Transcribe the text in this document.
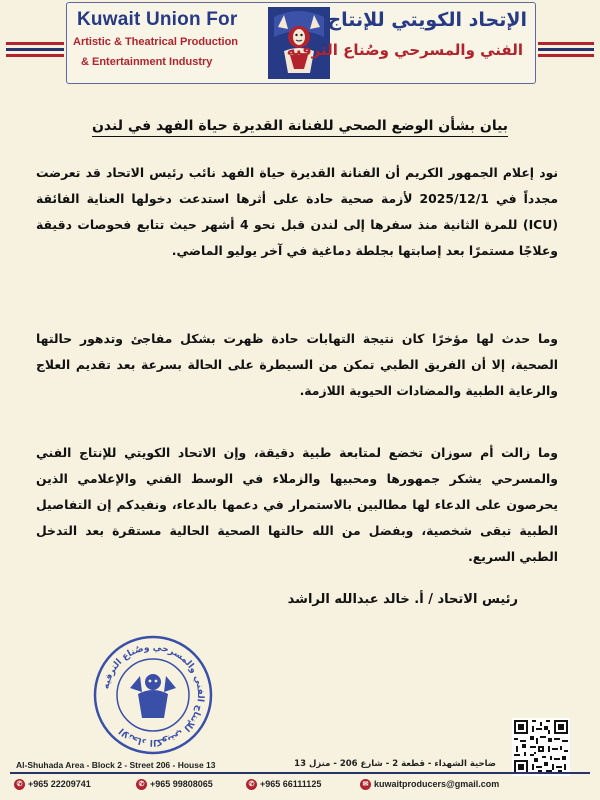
Kuwait Union For
Artistic & Theatrical Production
& Entertainment Industry
الإتحاد الكويتي للإنتاج
الفني والمسرحي وصُناع الترفيه
بيان بشأن الوضع الصحي للفنانة القديرة حياة الفهد في لندن
نود إعلام الجمهور الكريم أن الفنانة القديرة حياة الفهد نائب رئيس الاتحاد قد تعرضت مجدداً في 2025/12/1 لأزمة صحية حادة على أثرها استدعت دخولها العناية الفائقة (ICU) للمرة الثانية منذ سفرها إلى لندن قبل نحو 4 أشهر حيث تتابع فحوصات دقيقة وعلاجًا مستمرًا بعد إصابتها بجلطة دماغية في آخر يوليو الماضي.
وما حدث لها مؤخرًا كان نتيجة التهابات حادة ظهرت بشكل مفاجئ وتدهور حالتها الصحية، إلا أن الفريق الطبي تمكن من السيطرة على الحالة بسرعة بعد تقديم العلاج والرعاية الطبية والمضادات الحيوية اللازمة.
وما زالت أم سوزان تخضع لمتابعة طبية دقيقة، وإن الاتحاد الكويتي للإنتاج الفني والمسرحي يشكر جمهورها ومحبيها والزملاء في الوسط الفني والإعلامي الذين يحرصون على الدعاء لها مطالبين بالاستمرار في دعمها بالدعاء، ونفيدكم إن التفاصيل الطبية تبقى شخصية، وبفضل من الله حالتها الصحية الحالية مستقرة بعد التدخل الطبي السريع.
رئيس الاتحاد / أ. خالد عبدالله الراشد
الاتحاد الكويتي للإنتاج الفني والمسرحي وصُناع الترفيه
Al-Shuhada Area - Block 2 - Street 206 - House 13	ضاحية الشهداء - قطعة 2 - شارع 206 - منزل 13
✆ +965 22209741	✆ +965 99808065	✆ +965 66111125	✉ kuwaitproducers@gmail.com
